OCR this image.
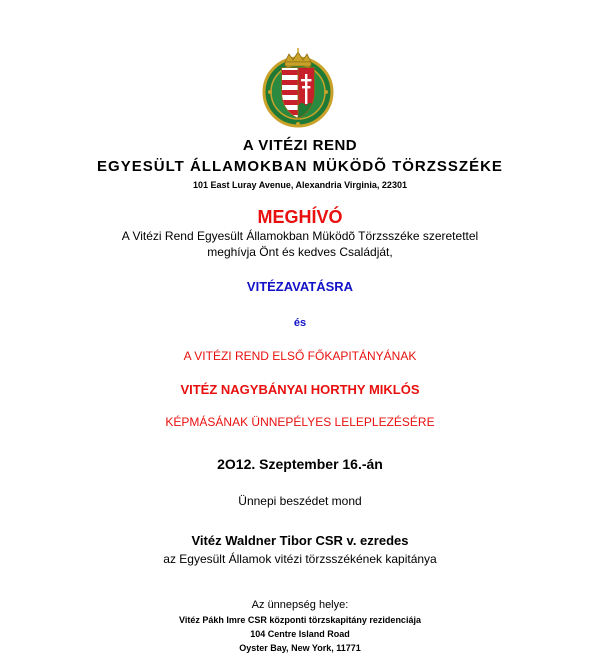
A VITÉZI REND
EGYESÜLT ÁLLAMOKBAN MÜKÖDÕ TÖRZSSZÉKE
101 East Luray Avenue, Alexandria Virginia, 22301
MEGHÍVÓ
A Vitézi Rend Egyesült Államokban Müködõ Törzsszéke szeretettel
meghívja Önt és kedves Családját,
VITÉZAVATÁSRA
és
A VITÉZI REND ELSŐ FŐKAPITÁNYÁNAK
VITÉZ NAGYBÁNYAI HORTHY MIKLÓS
KÉPMÁSÁNAK ÜNNEPÉLYES LELEPLEZÉSÉRE
2O12. Szeptember 16.-án
Ünnepi beszédet mond
Vitéz Waldner Tibor CSR v. ezredes
az Egyesült Államok vitézi törzsszékének kapitánya
Az ünnepség helye:
Vitéz Pákh Imre CSR központi törzskapitány rezidenciája
104 Centre Island Road
Oyster Bay, New York, 11771
